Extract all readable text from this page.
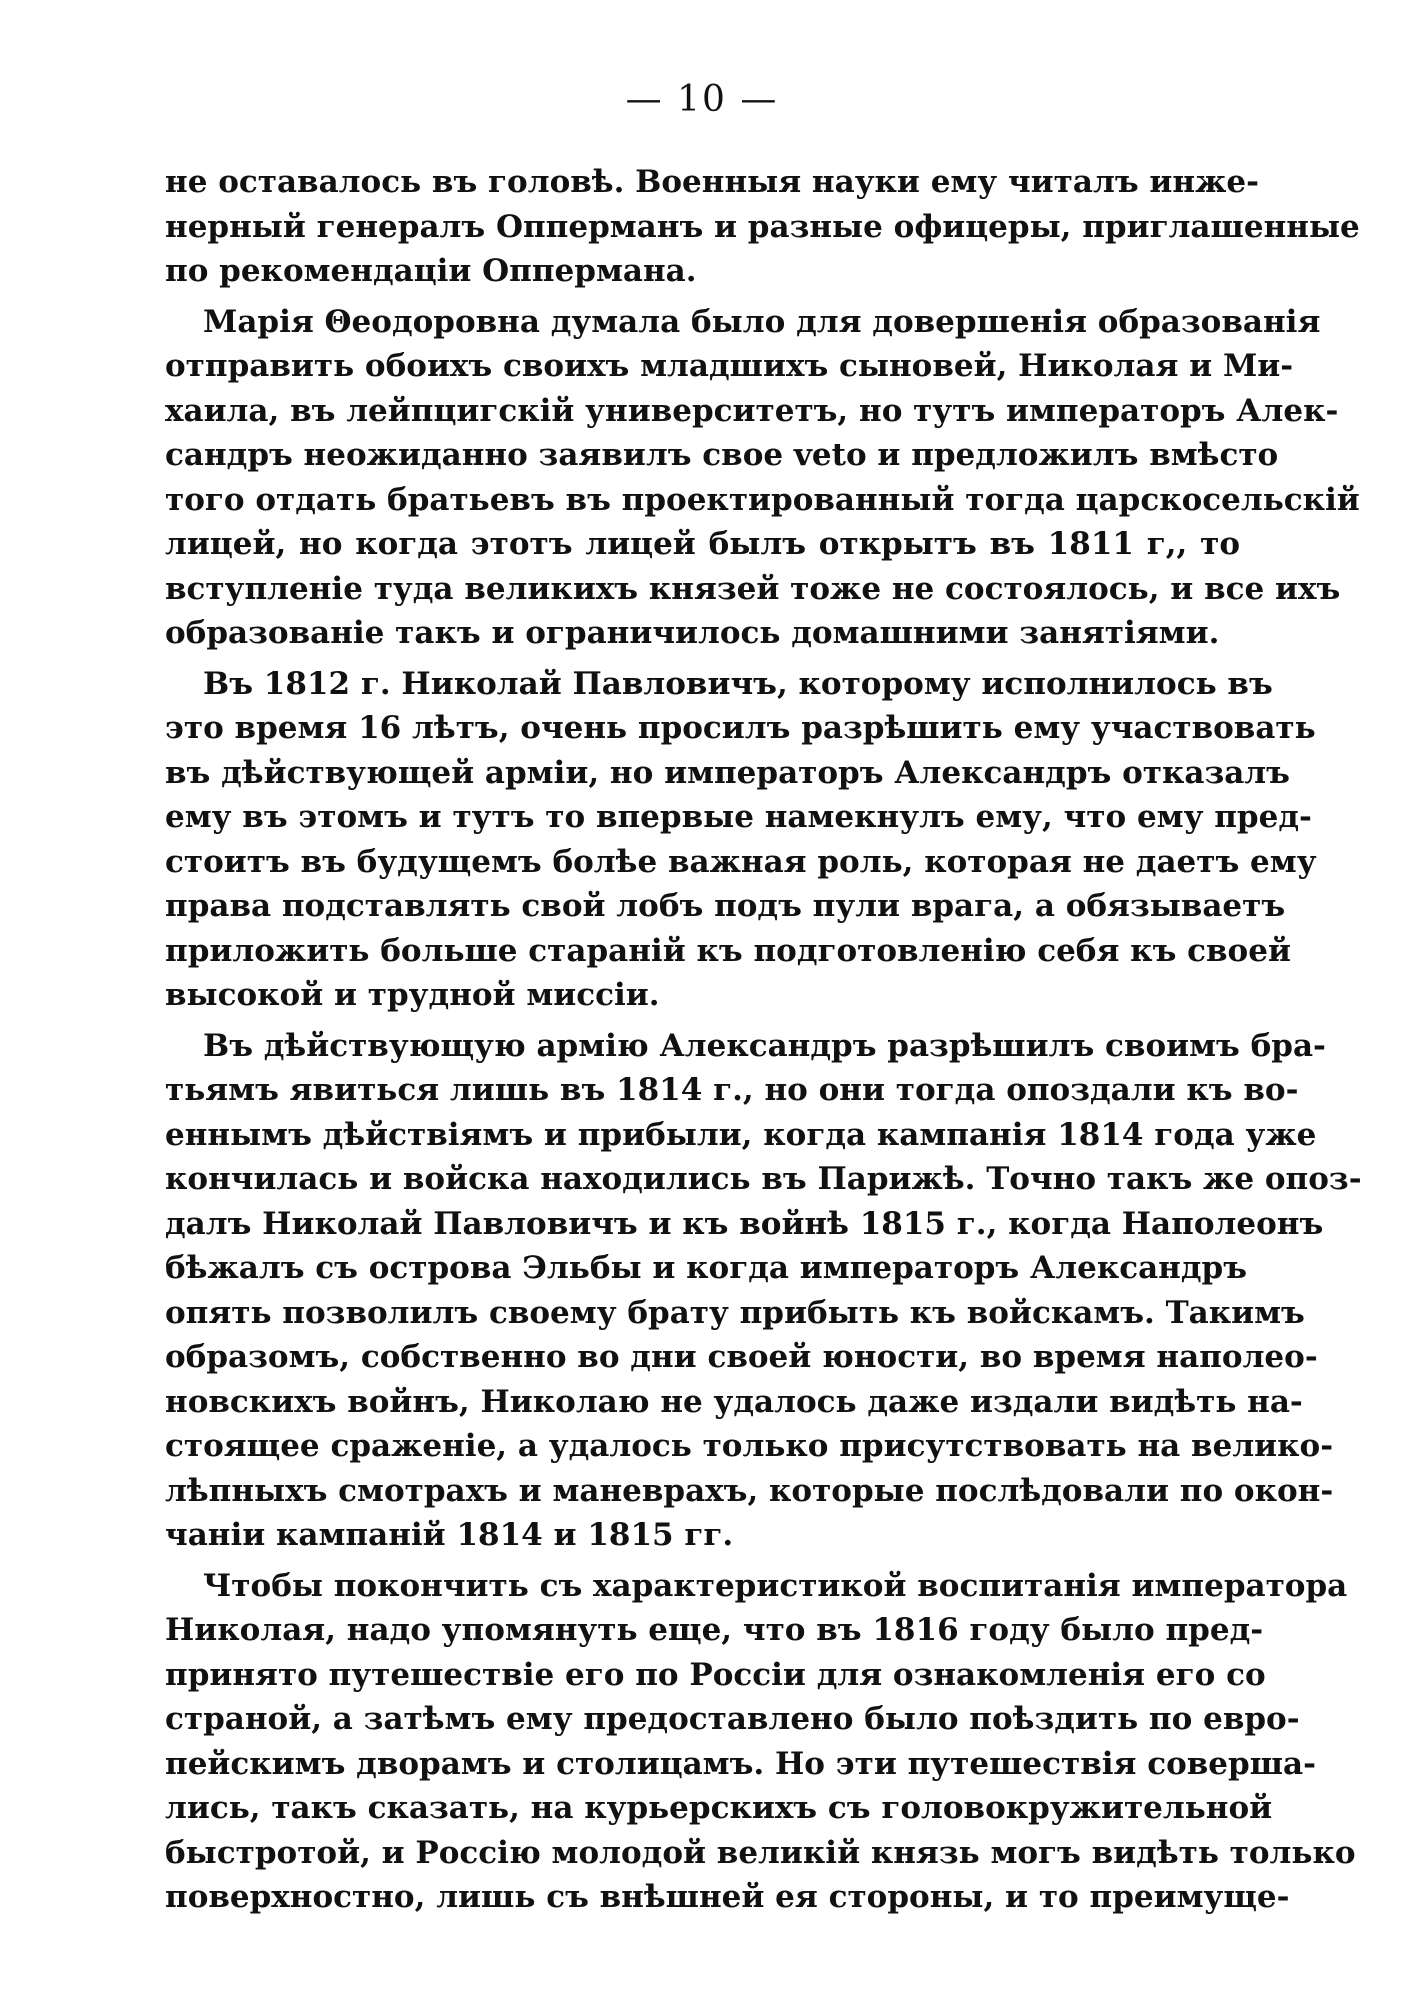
— 10 —
не оставалось въ головѣ. Военныя науки ему читалъ инже-
нерный генералъ Опперманъ и разные офицеры, приглашенные
по рекомендаціи Оппермана.
Марія Θеодоровна думала было для довершенія образованія
отправить обоихъ своихъ младшихъ сыновей, Николая и Ми-
хаила, въ лейпцигскій университетъ, но тутъ императоръ Алек-
сандръ неожиданно заявилъ свое veto и предложилъ вмѣсто
того отдать братьевъ въ проектированный тогда царскосельскій
лицей, но когда этотъ лицей былъ открытъ въ 1811 г,, то
вступленіе туда великихъ князей тоже не состоялось, и все ихъ
образованіе такъ и ограничилось домашними занятіями.
Въ 1812 г. Николай Павловичъ, которому исполнилось въ
это время 16 лѣтъ, очень просилъ разрѣшить ему участвовать
въ дѣйствующей арміи, но императоръ Александръ отказалъ
ему въ этомъ и тутъ то впервые намекнулъ ему, что ему пред-
стоитъ въ будущемъ болѣе важная роль, которая не даетъ ему
права подставлять свой лобъ подъ пули врага, а обязываетъ
приложить больше стараній къ подготовленію себя къ своей
высокой и трудной миссіи.
Въ дѣйствующую армію Александръ разрѣшилъ своимъ бра-
тьямъ явиться лишь въ 1814 г., но они тогда опоздали къ во-
еннымъ дѣйствіямъ и прибыли, когда кампанія 1814 года уже
кончилась и войска находились въ Парижѣ. Точно такъ же опоз-
далъ Николай Павловичъ и къ войнѣ 1815 г., когда Наполеонъ
бѣжалъ съ острова Эльбы и когда императоръ Александръ
опять позволилъ своему брату прибыть къ войскамъ. Такимъ
образомъ, собственно во дни своей юности, во время наполео-
новскихъ войнъ, Николаю не удалось даже издали видѣть на-
стоящее сраженіе, а удалось только присутствовать на велико-
лѣпныхъ смотрахъ и маневрахъ, которые послѣдовали по окон-
чаніи кампаній 1814 и 1815 гг.
Чтобы покончить съ характеристикой воспитанія императора
Николая, надо упомянуть еще, что въ 1816 году было пред-
принято путешествіе его по Россіи для ознакомленія его со
страной, а затѣмъ ему предоставлено было поѣздить по евро-
пейскимъ дворамъ и столицамъ. Но эти путешествія соверша-
лись, такъ сказать, на курьерскихъ съ головокружительной
быстротой, и Россію молодой великій князь могъ видѣть только
поверхностно, лишь съ внѣшней ея стороны, и то преимуще-
